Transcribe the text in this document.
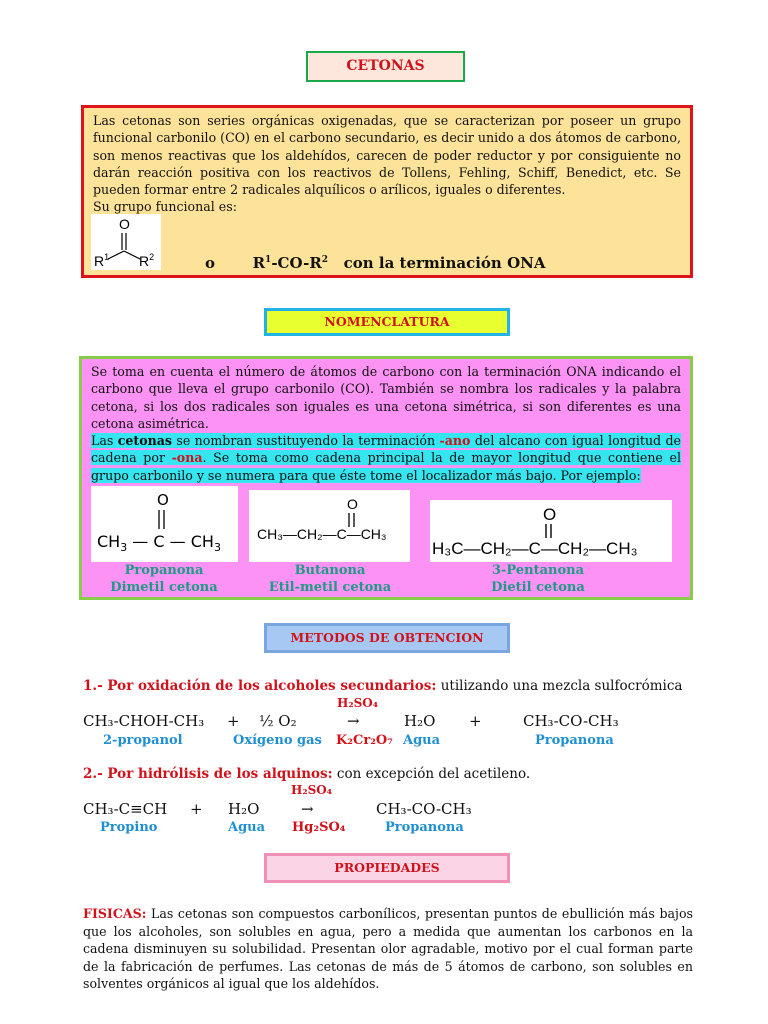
CETONAS

Las cetonas son series orgánicas oxigenadas, que se caracterizan por poseer un grupo funcional carbonilo (CO) en el carbono secundario, es decir unido a dos átomos de carbono, son menos reactivas que los aldehídos, carecen de poder reductor y por consiguiente no darán reacción positiva con los reactivos de Tollens, Fehling, Schiff, Benedict, etc. Se pueden formar entre 2 radicales alquílicos o arílicos, iguales o diferentes.

Su grupo funcional es:

O
$R^1$ $R^2$	o	$R^1-CO-R^2$ con la terminación ONA
NOMENCLATURA

Se toma en cuenta el número de átomos de carbono con la terminación ONA indicando el carbono que lleva el grupo carbonilo (CO). También se nombra los radicales y la palabra cetona, si los dos radicales son iguales es una cetona simétrica, si son diferentes es una cetona asimétrica.

Las cetonas se nombran sustituyendo la terminación -ano del alcano con igual longitud de cadena por -ona. Se toma como cadena principal la de mayor longitud que contiene el grupo carbonilo y se numera para que éste tome el localizador más bajo. Por ejemplo:

O
$CH_3$ — C — $CH_3$
O
CH₃—CH₂—C—CH₃
O
H₃C—CH₂—C—CH₂—CH₃
Propanona
Dimetil cetona
Butanona
Etil-metil cetona
3-Pentanona
Dietil cetona
METODOS DE OBTENCION
1.- Por oxidación de los alcoholes secundarios: utilizando una mezcla sulfocrómica
H₂SO₄
CH₃-CHOH-CH₃ + ½ O₂	→	H₂O +	CH₃-CO-CH₃
2-propanol	Oxígeno gas K₂Cr₂O₇ Agua	Propanona
2.- Por hidrólisis de los alquinos: con excepción del acetileno.
H₂SO₄
CH₃-C≡CH + H₂O	→	CH₃-CO-CH₃
Propino	Agua Hg₂SO₄	Propanona
PROPIEDADES

FISICAS: Las cetonas son compuestos carbonílicos, presentan puntos de ebullición más bajos que los alcoholes, son solubles en agua, pero a medida que aumentan los carbonos en la cadena disminuyen su solubilidad. Presentan olor agradable, motivo por el cual forman parte de la fabricación de perfumes. Las cetonas de más de 5 átomos de carbono, son solubles en solventes orgánicos al igual que los aldehídos.
